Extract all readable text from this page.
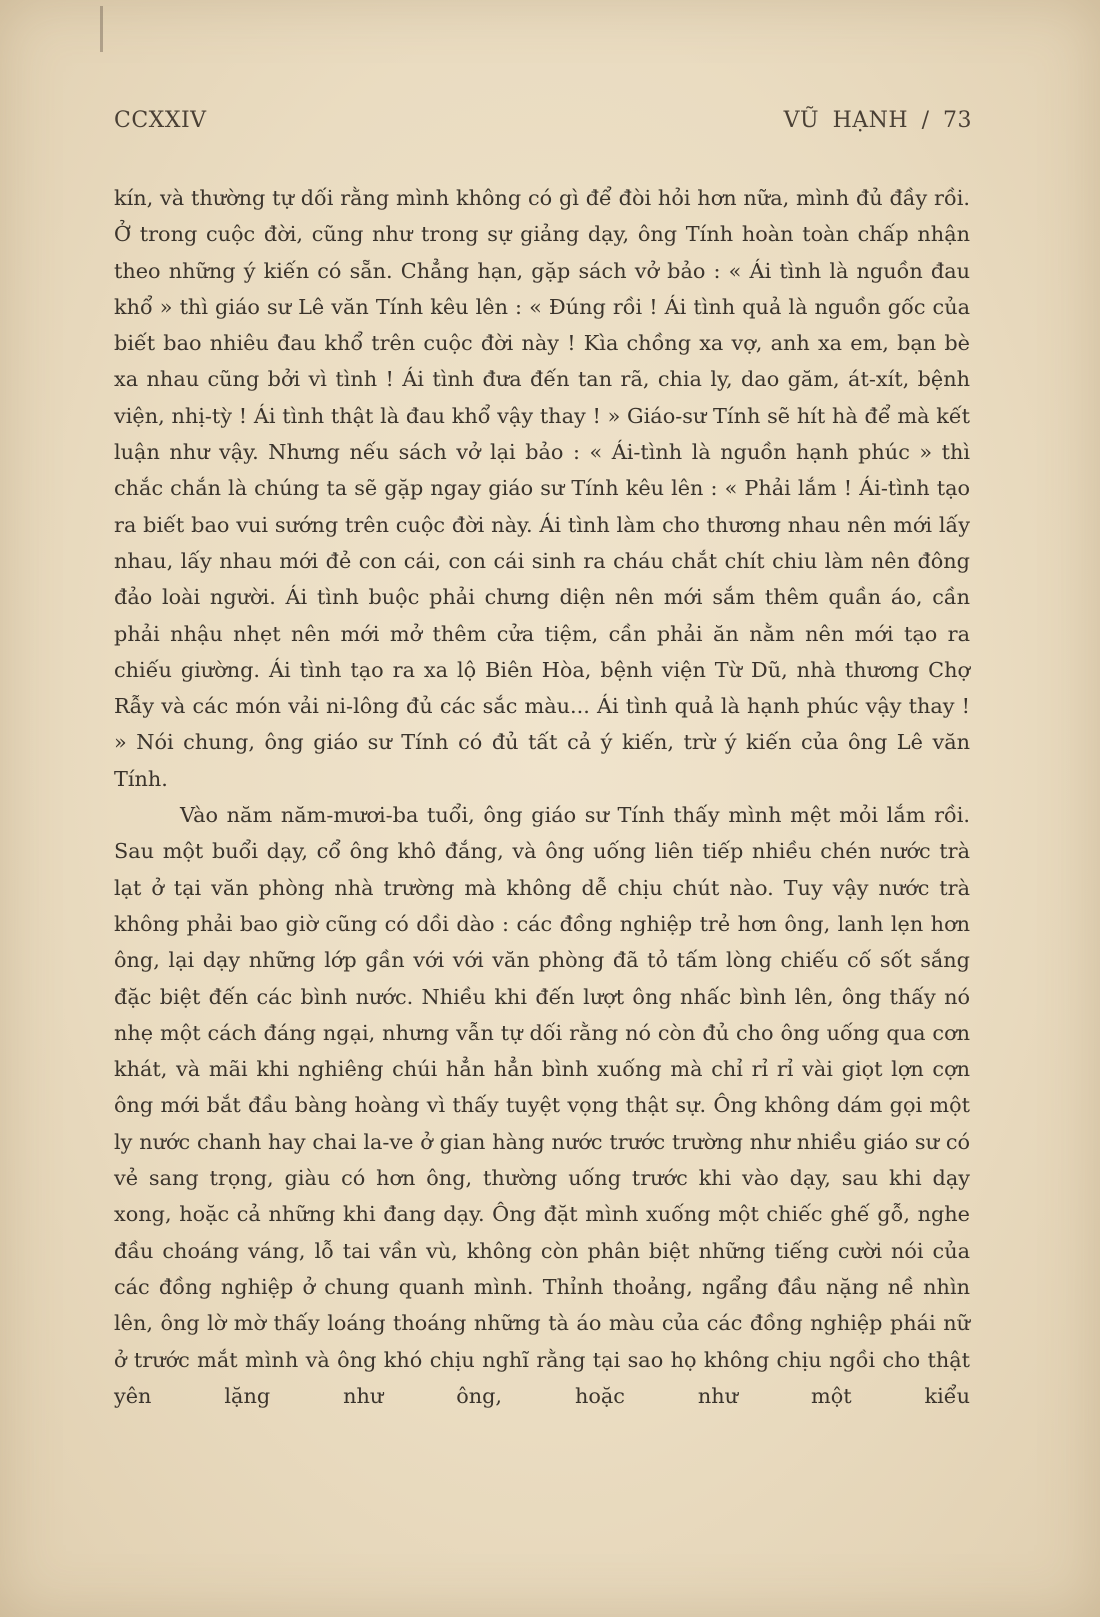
CCXXIV	VŨ HẠNH / 73

kín, và thường tự dối rằng mình không có gì để đòi hỏi hơn nữa, mình đủ đầy rồi. Ở trong cuộc đời, cũng như trong sự giảng dạy, ông Tính hoàn toàn chấp nhận theo những ý kiến có sẵn. Chẳng hạn, gặp sách vở bảo : « Ái tình là nguồn đau khổ » thì giáo sư Lê văn Tính kêu lên : « Đúng rồi ! Ái tình quả là nguồn gốc của biết bao nhiêu đau khổ trên cuộc đời này ! Kìa chồng xa vợ, anh xa em, bạn bè xa nhau cũng bởi vì tình ! Ái tình đưa đến tan rã, chia ly, dao găm, át-xít, bệnh viện, nhị-tỳ ! Ái tình thật là đau khổ vậy thay ! » Giáo-sư Tính sẽ hít hà để mà kết luận như vậy. Nhưng nếu sách vở lại bảo : « Ái-tình là nguồn hạnh phúc » thì chắc chắn là chúng ta sẽ gặp ngay giáo sư Tính kêu lên : « Phải lắm ! Ái-tình tạo ra biết bao vui sướng trên cuộc đời này. Ái tình làm cho thương nhau nên mới lấy nhau, lấy nhau mới đẻ con cái, con cái sinh ra cháu chắt chít chiu làm nên đông đảo loài người. Ái tình buộc phải chưng diện nên mới sắm thêm quần áo, cần phải nhậu nhẹt nên mới mở thêm cửa tiệm, cần phải ăn nằm nên mới tạo ra chiếu giường. Ái tình tạo ra xa lộ Biên Hòa, bệnh viện Từ Dũ, nhà thương Chợ Rẫy và các món vải ni-lông đủ các sắc màu... Ái tình quả là hạnh phúc vậy thay ! » Nói chung, ông giáo sư Tính có đủ tất cả ý kiến, trừ ý kiến của ông Lê văn Tính.

Vào năm năm-mươi-ba tuổi, ông giáo sư Tính thấy mình mệt mỏi lắm rồi. Sau một buổi dạy, cổ ông khô đắng, và ông uống liên tiếp nhiều chén nước trà lạt ở tại văn phòng nhà trường mà không dễ chịu chút nào. Tuy vậy nước trà không phải bao giờ cũng có dồi dào : các đồng nghiệp trẻ hơn ông, lanh lẹn hơn ông, lại dạy những lớp gần với với văn phòng đã tỏ tấm lòng chiếu cố sốt sắng đặc biệt đến các bình nước. Nhiều khi đến lượt ông nhấc bình lên, ông thấy nó nhẹ một cách đáng ngại, nhưng vẫn tự dối rằng nó còn đủ cho ông uống qua cơn khát, và mãi khi nghiêng chúi hẳn hẳn bình xuống mà chỉ rỉ rỉ vài giọt lợn cợn ông mới bắt đầu bàng hoàng vì thấy tuyệt vọng thật sự. Ông không dám gọi một ly nước chanh hay chai la-ve ở gian hàng nước trước trường như nhiều giáo sư có vẻ sang trọng, giàu có hơn ông, thường uống trước khi vào dạy, sau khi dạy xong, hoặc cả những khi đang dạy. Ông đặt mình xuống một chiếc ghế gỗ, nghe đầu choáng váng, lỗ tai vần vù, không còn phân biệt những tiếng cười nói của các đồng nghiệp ở chung quanh mình. Thỉnh thoảng, ngẩng đầu nặng nề nhìn lên, ông lờ mờ thấy loáng thoáng những tà áo màu của các đồng nghiệp phái nữ ở trước mắt mình và ông khó chịu nghĩ rằng tại sao họ không chịu ngồi cho thật yên lặng như ông, hoặc như một kiểu
